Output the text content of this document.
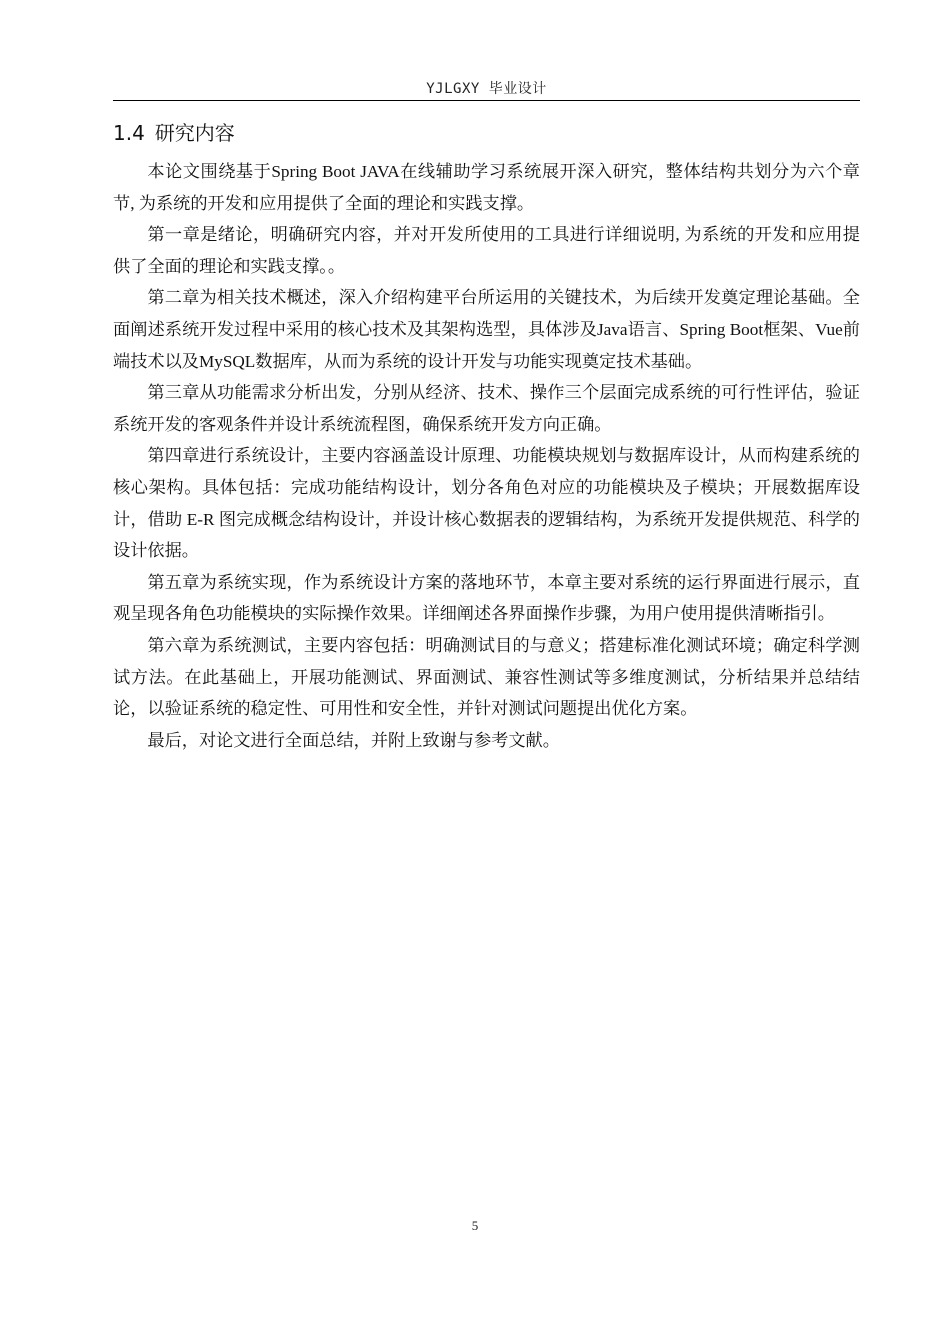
YJLGXY 毕业设计
1.4 研究内容

本论文围绕基于Spring Boot JAVA在线辅助学习系统展开深入研究，整体结构共划分为六个章节, 为系统的开发和应用提供了全面的理论和实践支撑。

第一章是绪论，明确研究内容，并对开发所使用的工具进行详细说明, 为系统的开发和应用提供了全面的理论和实践支撑。。

第二章为相关技术概述，深入介绍构建平台所运用的关键技术，为后续开发奠定理论基础。全面阐述系统开发过程中采用的核心技术及其架构选型，具体涉及Java语言、Spring Boot框架、Vue前端技术以及MySQL数据库，从而为系统的设计开发与功能实现奠定技术基础。

第三章从功能需求分析出发，分别从经济、技术、操作三个层面完成系统的可行性评估，验证系统开发的客观条件并设计系统流程图，确保系统开发方向正确。

第四章进行系统设计，主要内容涵盖设计原理、功能模块规划与数据库设计，从而构建系统的核心架构。具体包括：完成功能结构设计，划分各角色对应的功能模块及子模块；开展数据库设计，借助 E-R 图完成概念结构设计，并设计核心数据表的逻辑结构，为系统开发提供规范、科学的设计依据。

第五章为系统实现，作为系统设计方案的落地环节，本章主要对系统的运行界面进行展示，直观呈现各角色功能模块的实际操作效果。详细阐述各界面操作步骤，为用户使用提供清晰指引。

第六章为系统测试，主要内容包括：明确测试目的与意义；搭建标准化测试环境；确定科学测试方法。在此基础上，开展功能测试、界面测试、兼容性测试等多维度测试，分析结果并总结结论，以验证系统的稳定性、可用性和安全性，并针对测试问题提出优化方案。

最后，对论文进行全面总结，并附上致谢与参考文献。

5
